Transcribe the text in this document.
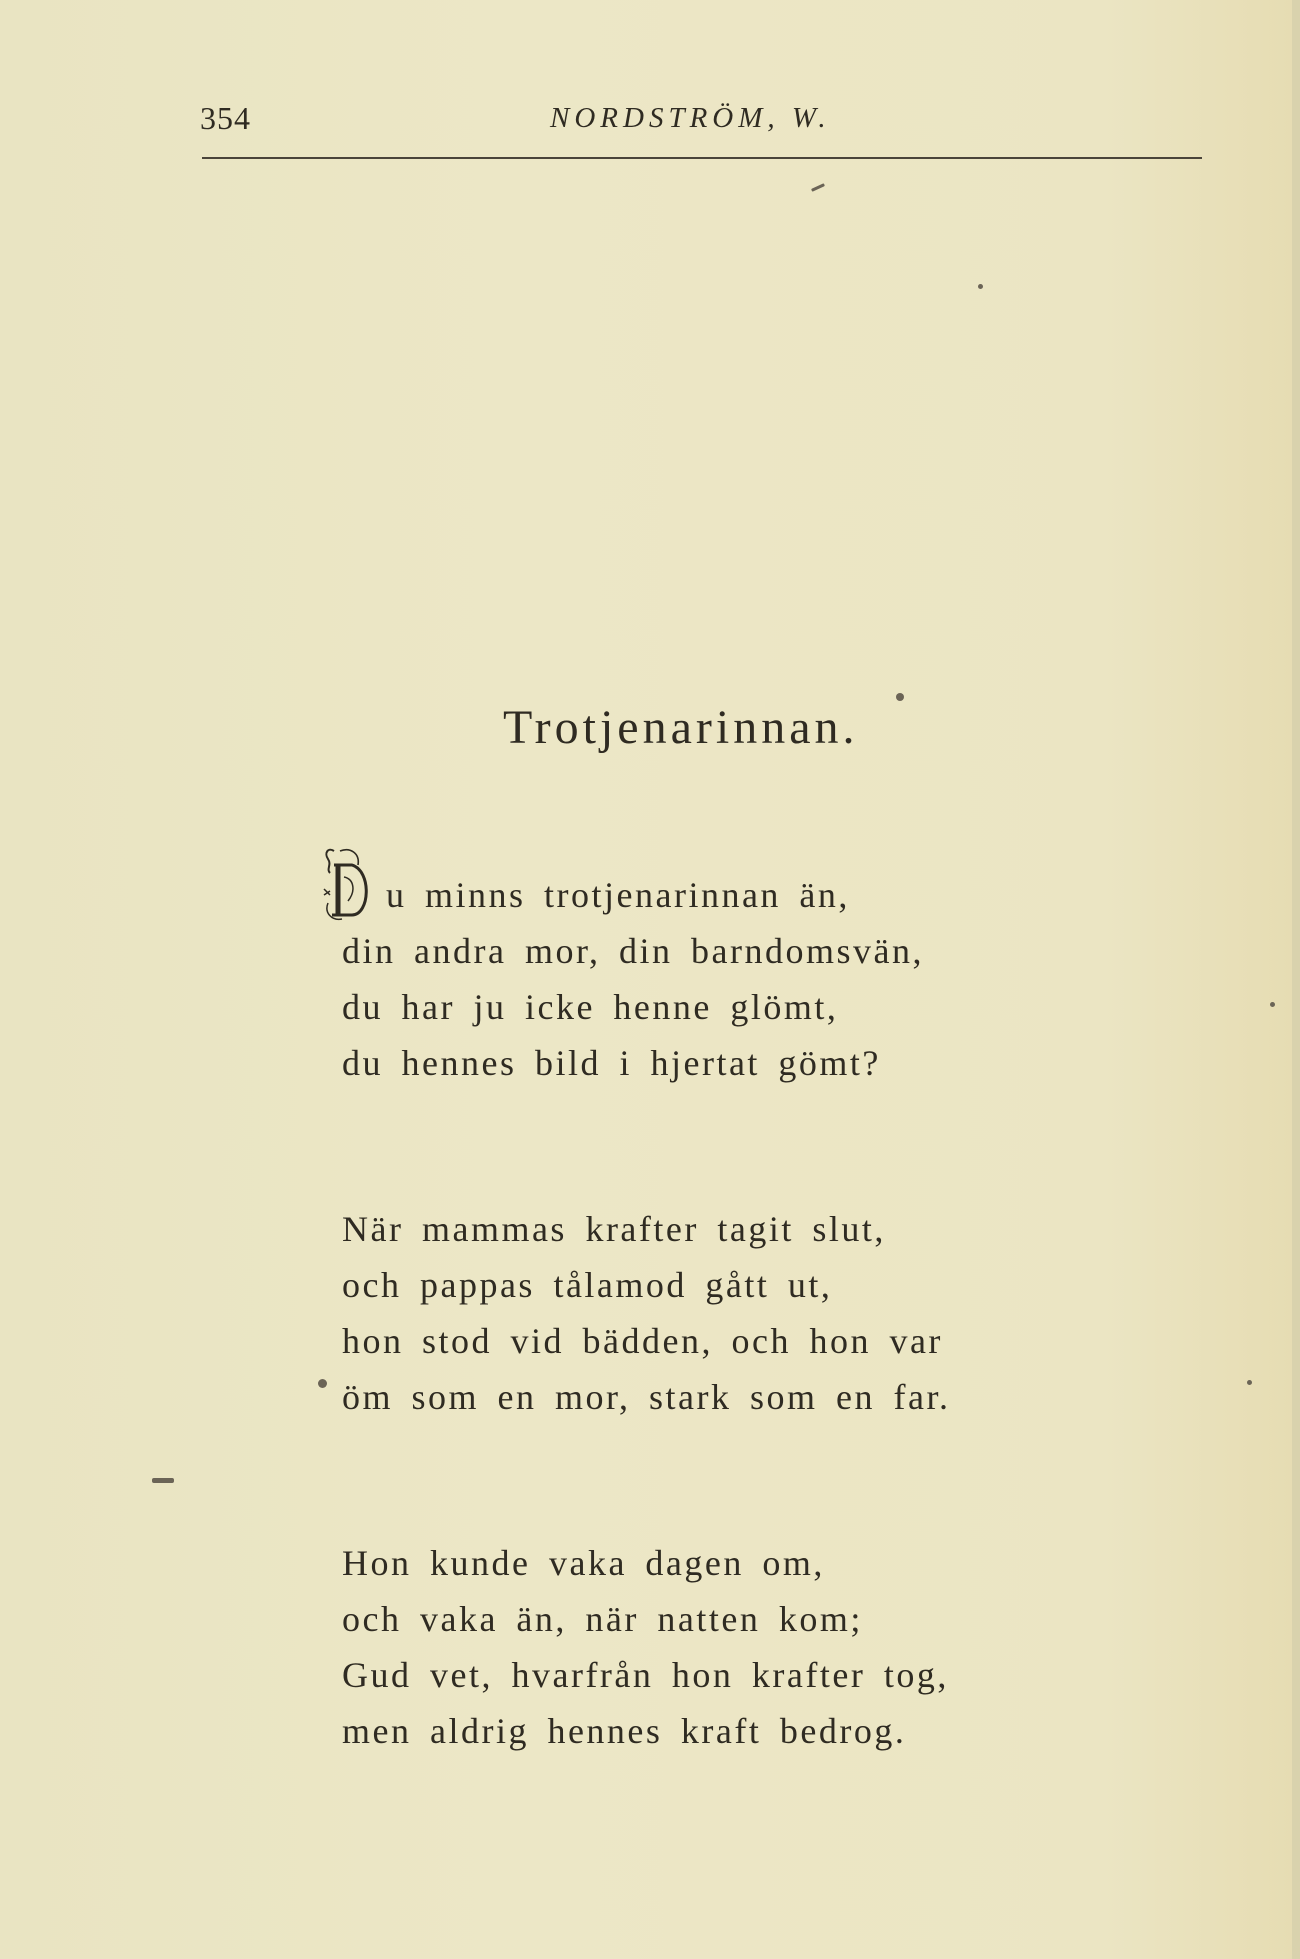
354	NORDSTRÖM, W.
Trotjenarinnan.
u minns trotjenarinnan än,
din andra mor, din barndomsvän,
du har ju icke henne glömt,
du hennes bild i hjertat gömt?
När mammas krafter tagit slut,
och pappas tålamod gått ut,
hon stod vid bädden, och hon var
öm som en mor, stark som en far.
Hon kunde vaka dagen om,
och vaka än, när natten kom;
Gud vet, hvarfrån hon krafter tog,
men aldrig hennes kraft bedrog.
